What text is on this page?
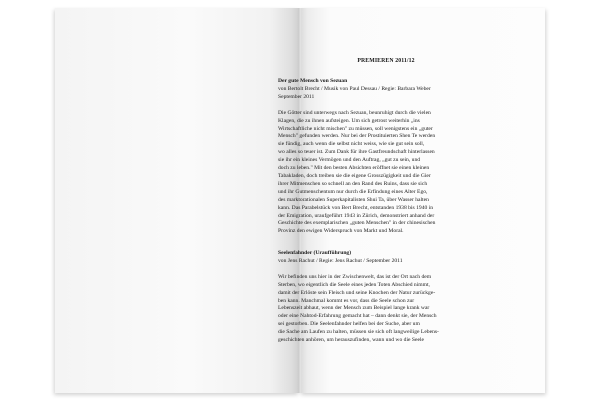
PREMIEREN 2011/12
Der gute Mensch von Sezuan
von Bertolt Brecht / Musik von Paul Dessau / Regie: Barbara Weber
September 2011
Die Götter sind unterwegs nach Sezuan, beunruhigt durch die vielen
Klagen, die zu ihnen aufsteigen. Um sich getrost weiterhin „ins
Wirtschaftliche nicht mischen" zu müssen, soll wenigstens ein „guter
Mensch" gefunden werden. Nur bei der Prostituierten Shen Te werden
sie fündig, auch wenn die selbst nicht weiss, wie sie gut sein soll,
wo alles so teuer ist. Zum Dank für ihre Gastfreundschaft hinterlassen
sie ihr ein kleines Vermögen und den Auftrag, „gut zu sein, und
doch zu leben." Mit den besten Absichten eröffnet sie einen kleinen
Tabakladen, doch treiben sie die eigene Grosszügigkeit und die Gier
ihrer Mitmenschen so schnell an den Rand des Ruins, dass sie sich
und ihr Gutmenschentum nur durch die Erfindung eines Alter Ego,
des marktorationalen Superkapitalisten Shui Ta, über Wasser halten
kann. Das Parabelstück von Bert Brecht, entstanden 1938 bis 1940 in
der Emigration, uraufgeführt 1943 in Zürich, demonstriert anhand der
Geschichte des exemplarischen „guten Menschen" in der chinesischen
Provinz den ewigen Widerspruch von Markt und Moral.
Seelenfahnder (Uraufführung)
von Jens Rachut / Regie: Jens Rachut / September 2011
Wir befinden uns hier in der Zwischenwelt, das ist der Ort nach dem
Sterben, wo eigentlich die Seele eines jeden Toten Abschied nimmt,
damit der Erlöste sein Fleisch und seine Knochen der Natur zurückge-
ben kann. Manchmal kommt es vor, dass die Seele schon zur
Lebenszeit abhaut, wenn der Mensch zum Beispiel lange krank war
oder eine Nahtod-Erfahrung gemacht hat – dann denkt sie, der Mensch
sei gestorben. Die Seelenfahnder helfen bei der Suche, aber um
die Sache am Laufen zu halten, müssen sie sich oft langweilige Lebens-
geschichten anhören, um herauszufinden, wann und wo die Seele
